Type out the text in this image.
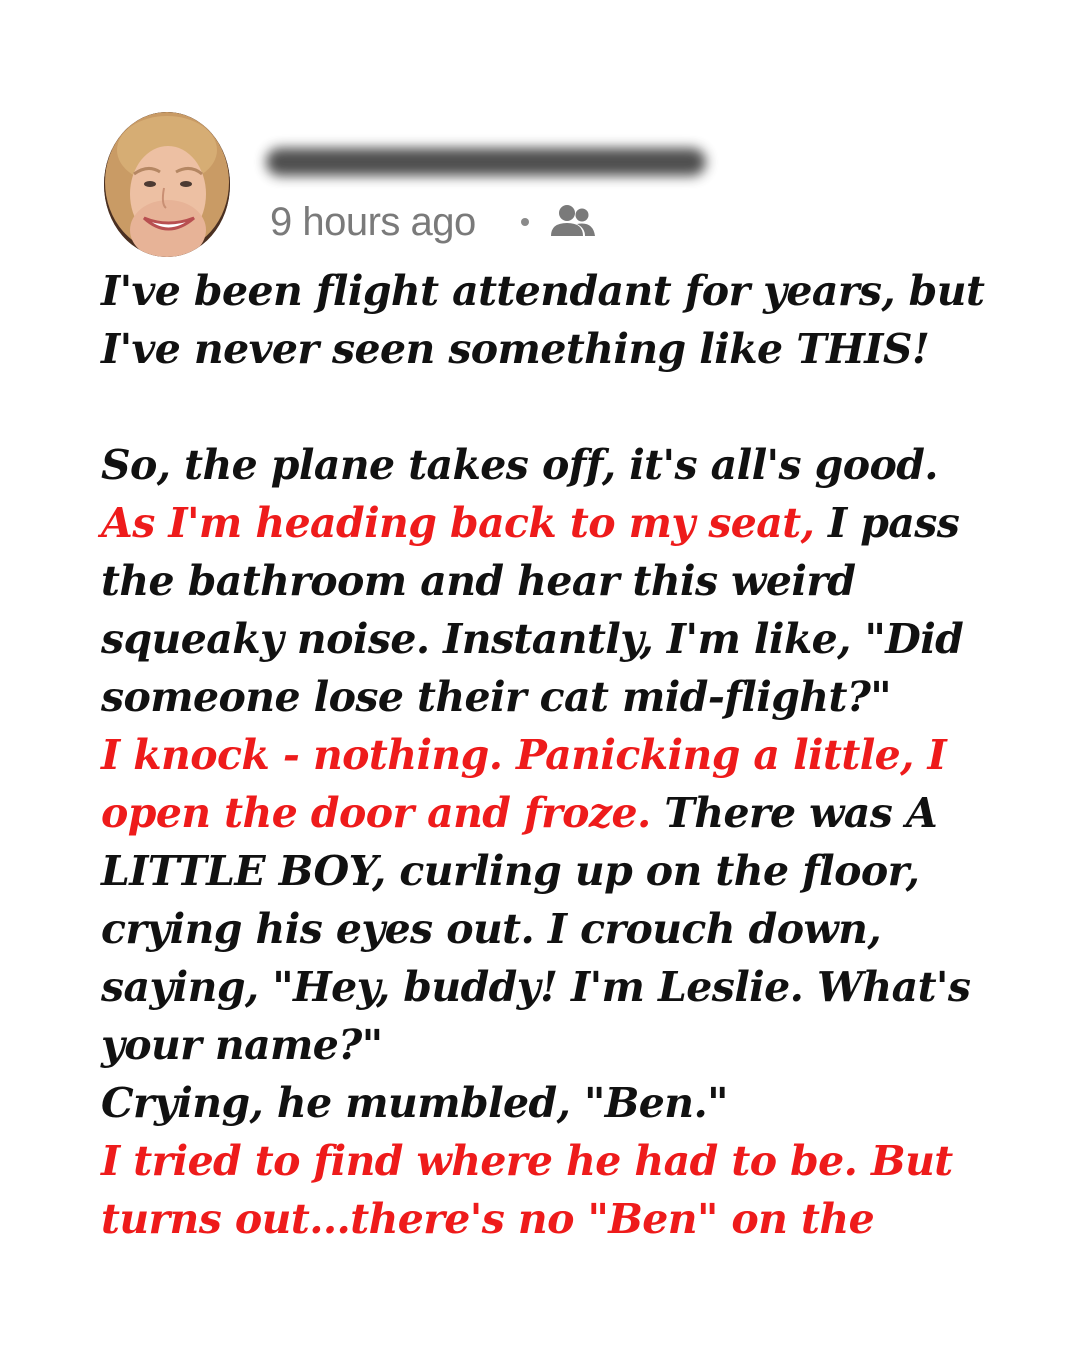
9 hours ago

I've been flight attendant for years, but I've never seen something like THIS!

So, the plane takes off, it's all's good. As I'm heading back to my seat, I pass the bathroom and hear this weird squeaky noise. Instantly, I'm like, "Did someone lose their cat mid-flight?"

I knock - nothing. Panicking a little, I open the door and froze. There was A LITTLE BOY, curling up on the floor, crying his eyes out. I crouch down, saying, "Hey, buddy! I'm Leslie. What's your name?"

Crying, he mumbled, "Ben."

I tried to find where he had to be. But turns out...there's no "Ben" on the
